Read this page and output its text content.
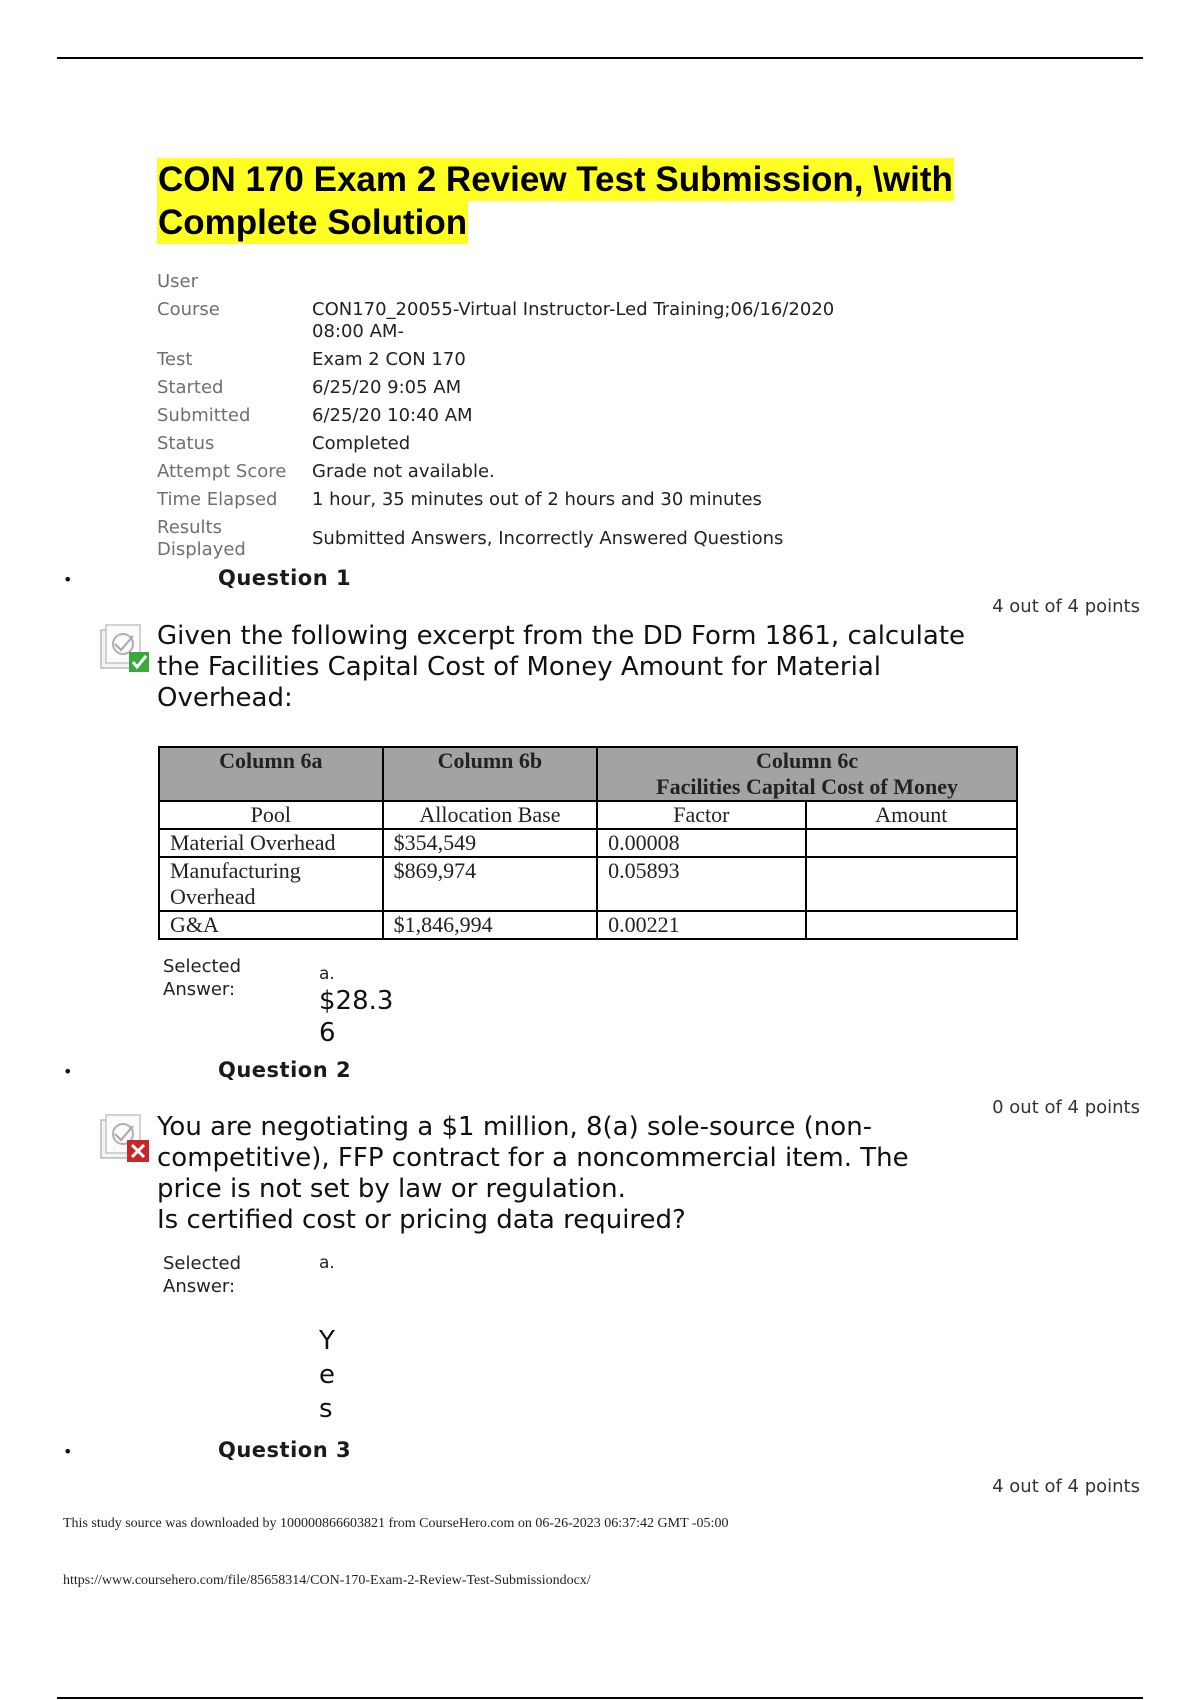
CON 170 Exam 2 Review Test Submission, \with
Complete Solution
User	
Course	CON170_20055-Virtual Instructor-Led Training;06/16/2020
08:00 AM-

Test	Exam 2 CON 170
Started	6/25/20 9:05 AM
Submitted	6/25/20 10:40 AM
Status	Completed
Attempt Score	Grade not available.
Time Elapsed	1 hour, 35 minutes out of 2 hours and 30 minutes

Results
Displayed	Submitted Answers, Incorrectly Answered Questions
•	Question 1
4 out of 4 points
Given the following excerpt from the DD Form 1861, calculate
the Facilities Capital Cost of Money Amount for Material
Overhead:
Column 6a	Column 6b	Column 6c
Facilities Capital Cost of Money	

Pool	Allocation Base	Factor	Amount
Material Overhead	$354,549	0.00008	

Manufacturing
Overhead	$869,974	0.05893	
G&A	$1,846,994	0.00221	
Selected
Answer:
a.
$28.3
6
•	Question 2
0 out of 4 points
You are negotiating a $1 million, 8(a) sole-source (non-
competitive), FFP contract for a noncommercial item. The
price is not set by law or regulation.
Is certified cost or pricing data required?
Selected
Answer:
a.
Y
e
s
•	Question 3
4 out of 4 points
This study source was downloaded by 100000866603821 from CourseHero.com on 06-26-2023 06:37:42 GMT -05:00
https://www.coursehero.com/file/85658314/CON-170-Exam-2-Review-Test-Submissiondocx/
